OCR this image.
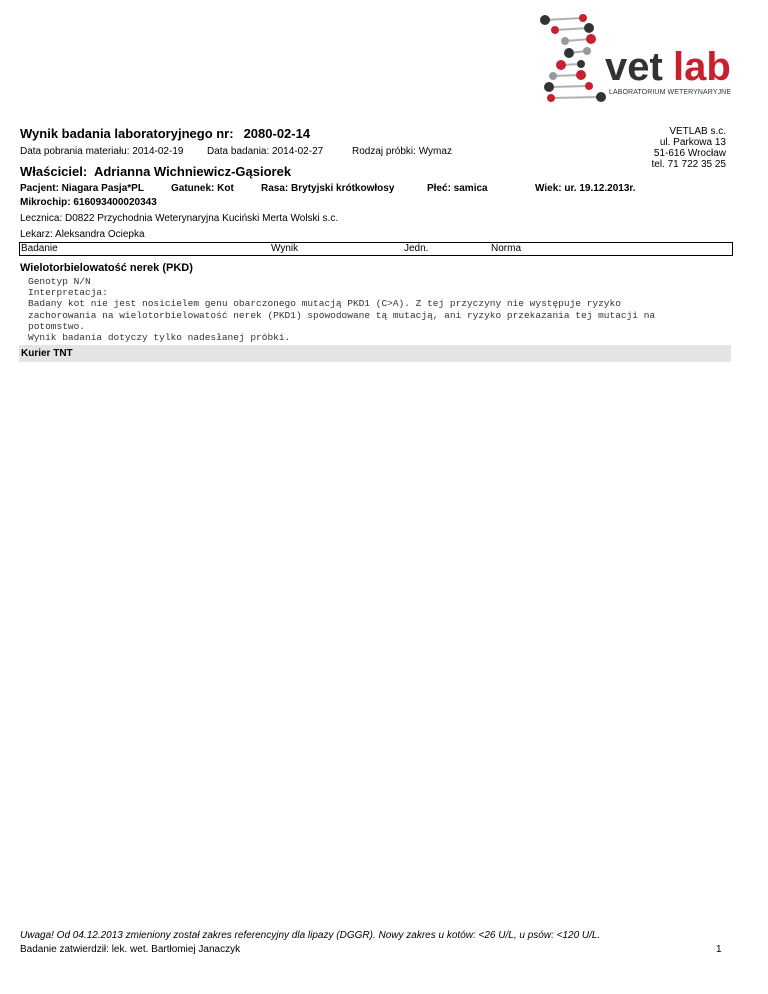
vet lab
LABORATORIUM WETERYNARYJNE
Wynik badania laboratoryjnego nr: 2080-02-14	VETLAB s.c.
ul. Parkowa 13
51-616 Wrocław
tel. 71 722 35 25
Data pobrania materiału: 2014-02-19 Data badania: 2014-02-27	Rodzaj próbki: Wymaz
Właściciel: Adrianna Wichniewicz-Gąsiorek
Pacjent: Niagara Pasja*PL	Gatunek: Kot	Rasa: Brytyjski krótkowłosy	Płeć: samica	Wiek: ur. 19.12.2013r.
Mikrochip: 616093400020343
Lecznica: D0822 Przychodnia Weterynaryjna Kuciński Merta Wolski s.c.
Lekarz: Aleksandra Ociepka
Badanie	Wynik	Jedn.	Norma
Wielotorbielowatość nerek (PKD)
Genotyp N/N
Interpretacja:
Badany kot nie jest nosicielem genu obarczonego mutacją PKD1 (C>A). Z tej przyczyny nie występuje ryzyko
zachorowania na wielotorbielowatość nerek (PKD1) spowodowane tą mutacją, ani ryzyko przekazania tej mutacji na
potomstwo.
Wynik badania dotyczy tylko nadesłanej próbki.
Kurier TNT
Uwaga! Od 04.12.2013 zmieniony został zakres referencyjny dla lipazy (DGGR). Nowy zakres u kotów: <26 U/L, u psów: <120 U/L.
Badanie zatwierdził: lek. wet. Bartłomiej Janaczyk	1
